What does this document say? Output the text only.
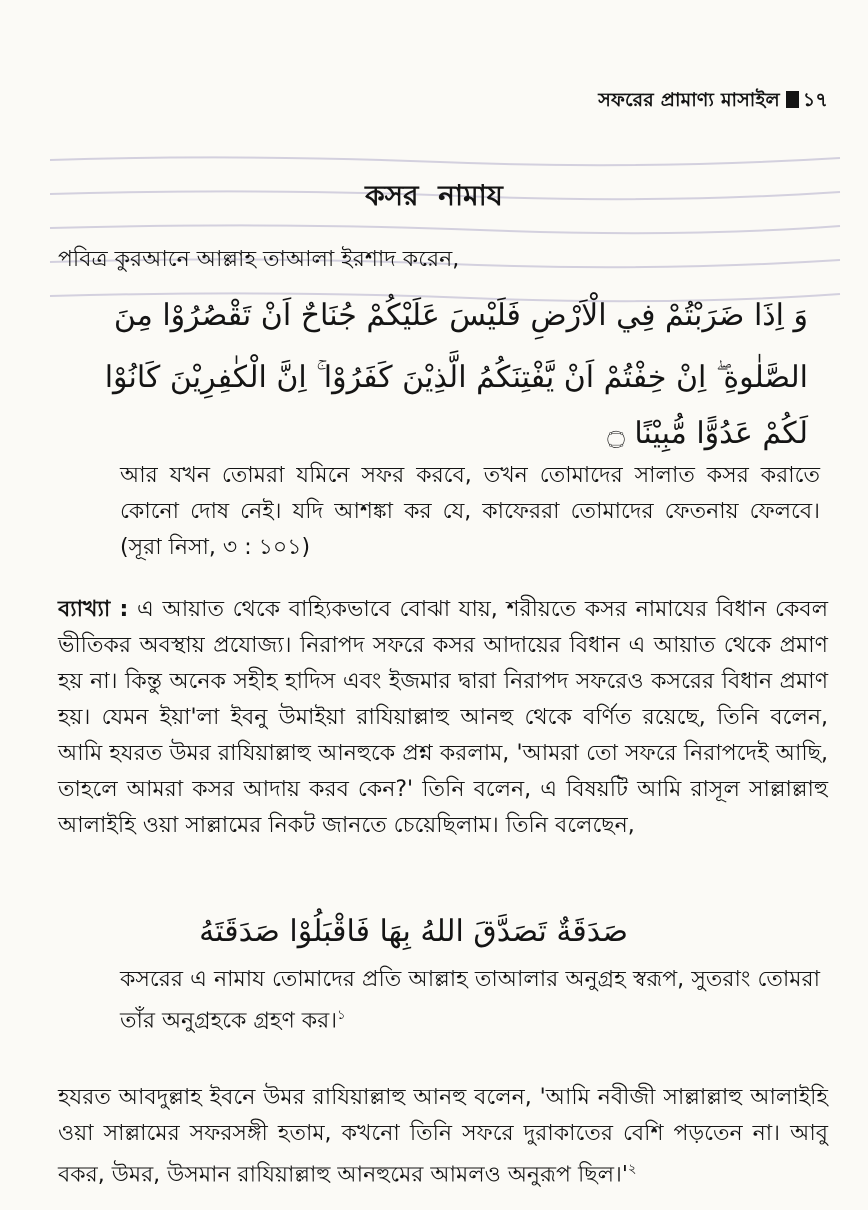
সফরের প্রামাণ্য মাসাইল ১৭
কসর নামায
পবিত্র কুরআনে আল্লাহ তাআলা ইরশাদ করেন,
وَ اِذَا ضَرَبْتُمْ فِي الْاَرْضِ فَلَيْسَ عَلَيْكُمْ جُنَاحٌ اَنْ تَقْصُرُوْا مِنَ
الصَّلٰوةِ ۖ اِنْ خِفْتُمْ اَنْ يَّفْتِنَكُمُ الَّذِيْنَ كَفَرُوْا ۚ اِنَّ الْكٰفِرِيْنَ كَانُوْا
لَكُمْ عَدُوًّا مُّبِيْنًا ۝
আর যখন তোমরা যমিনে সফর করবে, তখন তোমাদের সালাত কসর করাতে কোনো দোষ নেই। যদি আশঙ্কা কর যে, কাফেররা তোমাদের ফেতনায় ফেলবে। (সূরা নিসা, ৩ : ১০১)
ব্যাখ্যা : এ আয়াত থেকে বাহ্যিকভাবে বোঝা যায়, শরীয়তে কসর নামাযের বিধান কেবল ভীতিকর অবস্থায় প্রযোজ্য। নিরাপদ সফরে কসর আদায়ের বিধান এ আয়াত থেকে প্রমাণ হয় না। কিন্তু অনেক সহীহ হাদিস এবং ইজমার দ্বারা নিরাপদ সফরেও কসরের বিধান প্রমাণ হয়। যেমন ইয়া'লা ইবনু উমাইয়া রাযিয়াল্লাহু আনহু থেকে বর্ণিত রয়েছে, তিনি বলেন, আমি হযরত উমর রাযিয়াল্লাহু আনহুকে প্রশ্ন করলাম, 'আমরা তো সফরে নিরাপদেই আছি, তাহলে আমরা কসর আদায় করব কেন?' তিনি বলেন, এ বিষয়টি আমি রাসূল সাল্লাল্লাহু আলাইহি ওয়া সাল্লামের নিকট জানতে চেয়েছিলাম। তিনি বলেছেন,
صَدَقَةٌ تَصَدَّقَ اللهُ بِهَا فَاقْبَلُوْا صَدَقَتَهُ
কসরের এ নামায তোমাদের প্রতি আল্লাহ তাআলার অনুগ্রহ স্বরূপ, সুতরাং তোমরা তাঁর অনুগ্রহকে গ্রহণ কর।$^১$
হযরত আবদুল্লাহ ইবনে উমর রাযিয়াল্লাহু আনহু বলেন, 'আমি নবীজী সাল্লাল্লাহু আলাইহি ওয়া সাল্লামের সফরসঙ্গী হতাম, কখনো তিনি সফরে দুরাকাতের বেশি পড়তেন না। আবু বকর, উমর, উসমান রাযিয়াল্লাহু আনহুমের আমলও অনুরূপ ছিল।'$^২$
